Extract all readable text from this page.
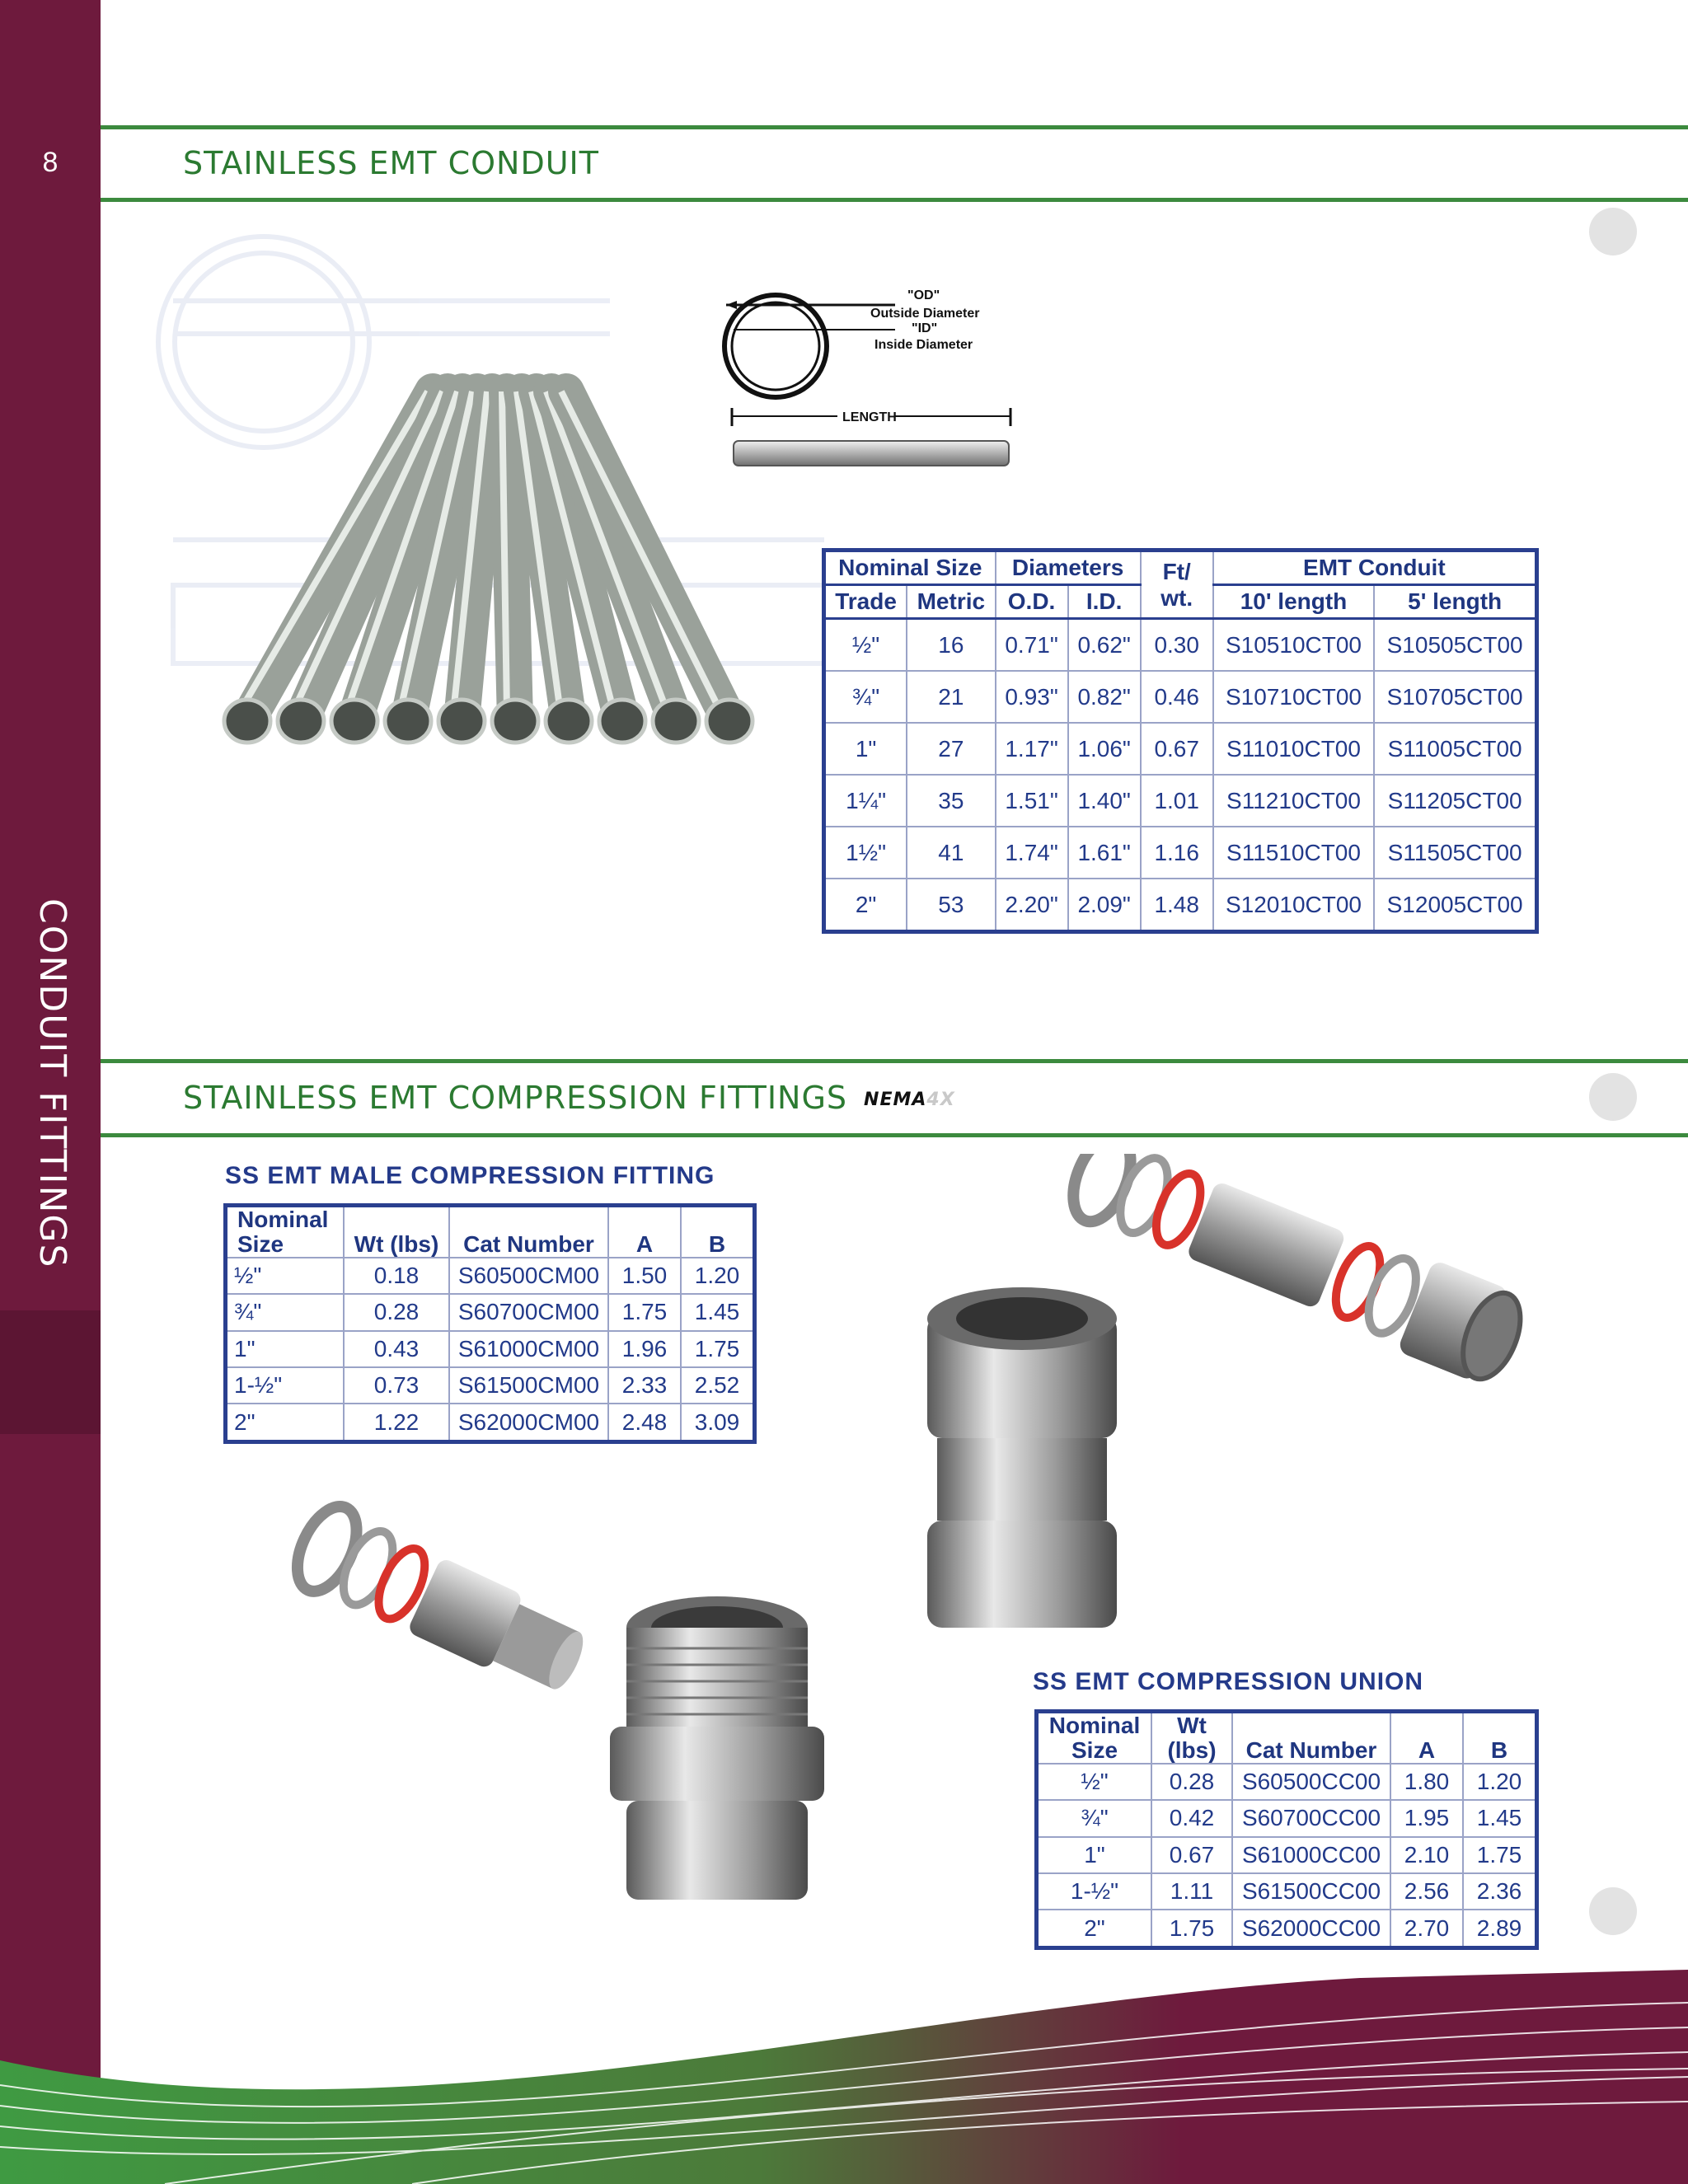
8
CONDUIT FITTINGS
STAINLESS EMT CONDUIT
"OD"
Outside Diameter
"ID"
Inside Diameter
LENGTH
Nominal Size		Diameters		Ft/ wt.	EMT Conduit	
Trade	Metric	O.D.	I.D.		10' length	5' length
½"	16	0.71"	0.62"	0.30	S10510CT00	S10505CT00
¾"	21	0.93"	0.82"	0.46	S10710CT00	S10705CT00
1"	27	1.17"	1.06"	0.67	S11010CT00	S11005CT00
1¼"	35	1.51"	1.40"	1.01	S11210CT00	S11205CT00
1½"	41	1.74"	1.61"	1.16	S11510CT00	S11505CT00
2"	53	2.20"	2.09"	1.48	S12010CT00	S12005CT00
STAINLESS EMT COMPRESSION FITTINGS NEMA4X
SS EMT MALE COMPRESSION FITTING
Nominal Size	Wt (lbs)	Cat Number	A	B
½"	0.18	S60500CM00	1.50	1.20
¾"	0.28	S60700CM00	1.75	1.45
1"	0.43	S61000CM00	1.96	1.75
1-½"	0.73	S61500CM00	2.33	2.52
2"	1.22	S62000CM00	2.48	3.09
SS EMT COMPRESSION UNION
Nominal Size	Wt (lbs)	Cat Number	A	B
½"	0.28	S60500CC00	1.80	1.20
¾"	0.42	S60700CC00	1.95	1.45
1"	0.67	S61000CC00	2.10	1.75
1-½"	1.11	S61500CC00	2.56	2.36
2"	1.75	S62000CC00	2.70	2.89
